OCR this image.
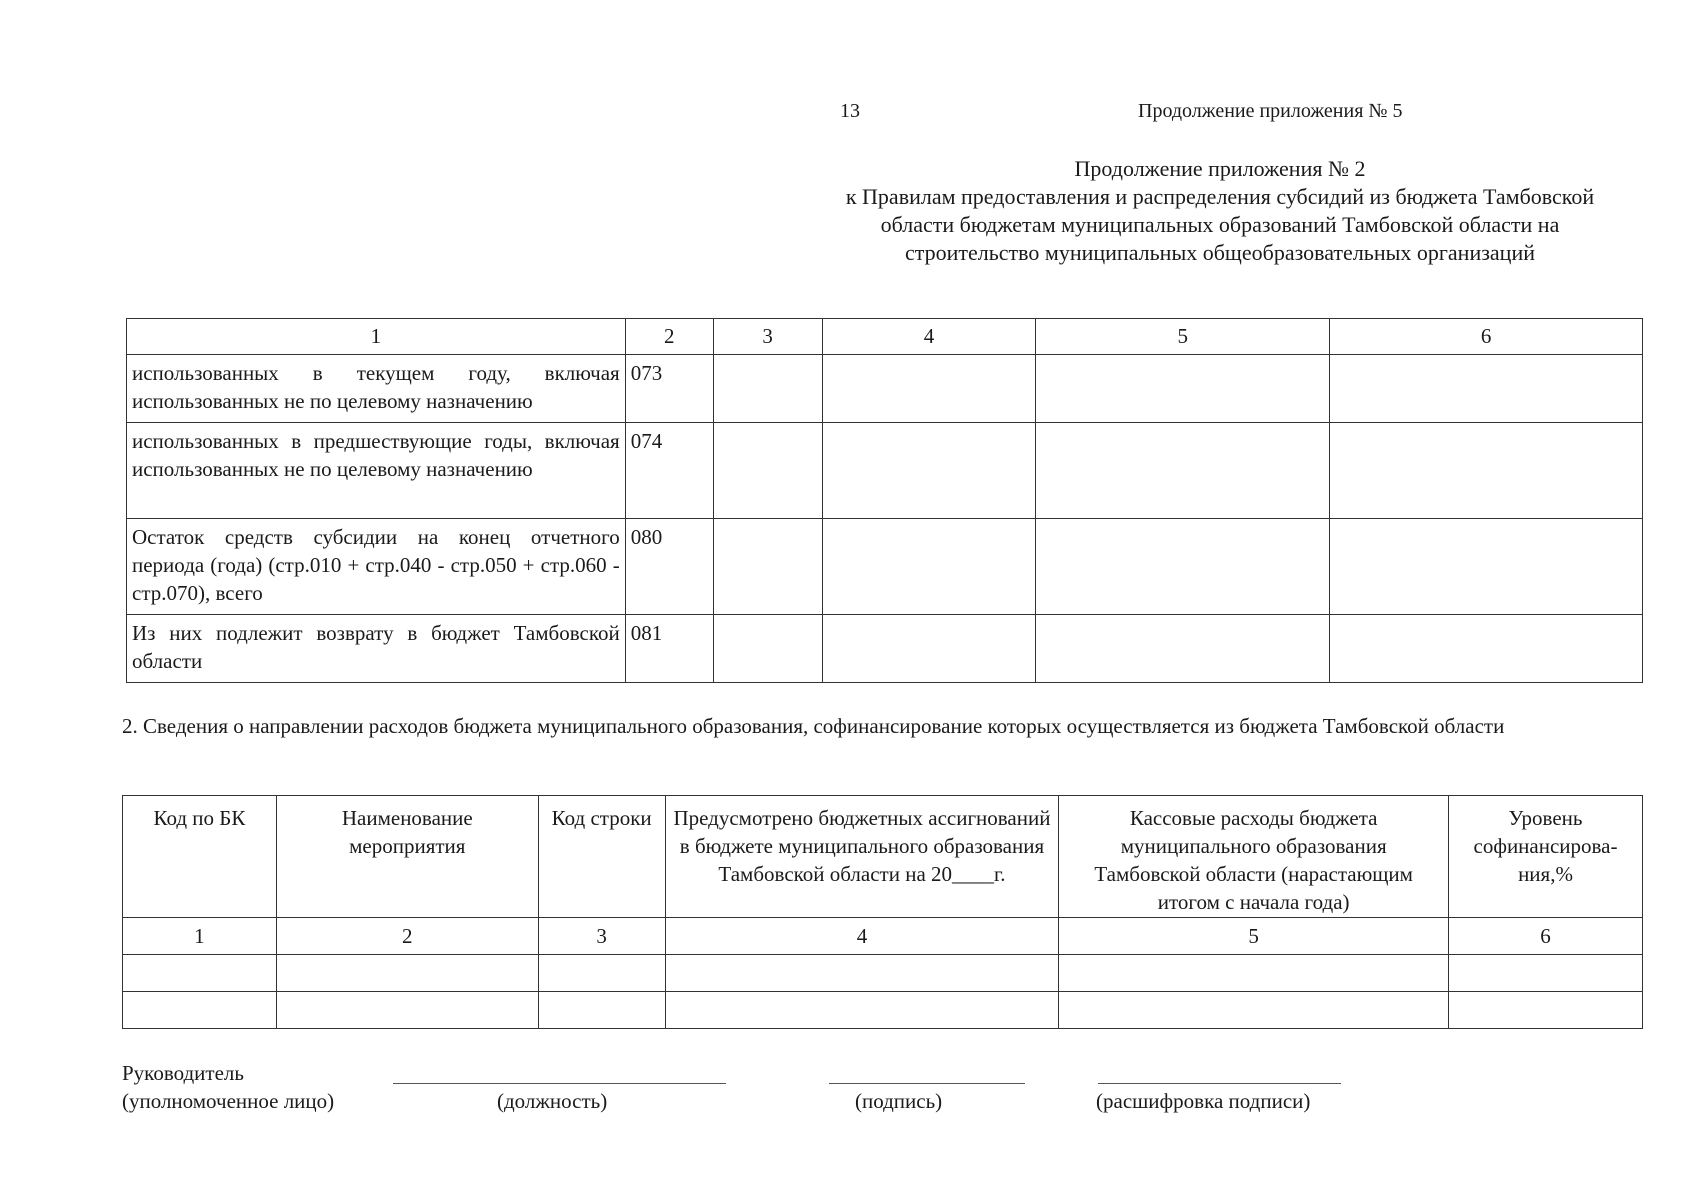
13	Продолжение приложения № 5
Продолжение приложения № 2
к Правилам предоставления и распределения субсидий из бюджета Тамбовской
области бюджетам муниципальных образований Тамбовской области на
строительство муниципальных общеобразовательных организаций
1	2	3	4	5	6
использованных в текущем году, включая использованных не по целевому назначению	073				
использованных в предшествующие годы, включая использованных не по целевому назначению	074				
Остаток средств субсидии на конец отчетного периода (года) (стр.010 + стр.040 - стр.050 + стр.060 - стр.070), всего	080				
Из них подлежит возврату в бюджет Тамбовской области	081				
2. Сведения о направлении расходов бюджета муниципального образования, софинансирование которых осуществляется из бюджета Тамбовской области
Код по БК	Наименование мероприятия	Код строки	Предусмотрено бюджетных ассигнований в бюджете муниципального образования Тамбовской области на 20____г.	Кассовые расходы бюджета муниципального образования Тамбовской области (нарастающим итогом с начала года)	Уровень софинансирова-ния,%
1	2	3	4	5	6

Руководитель
(уполномоченное лицо)	(должность)	(подпись)	(расшифровка подписи)
